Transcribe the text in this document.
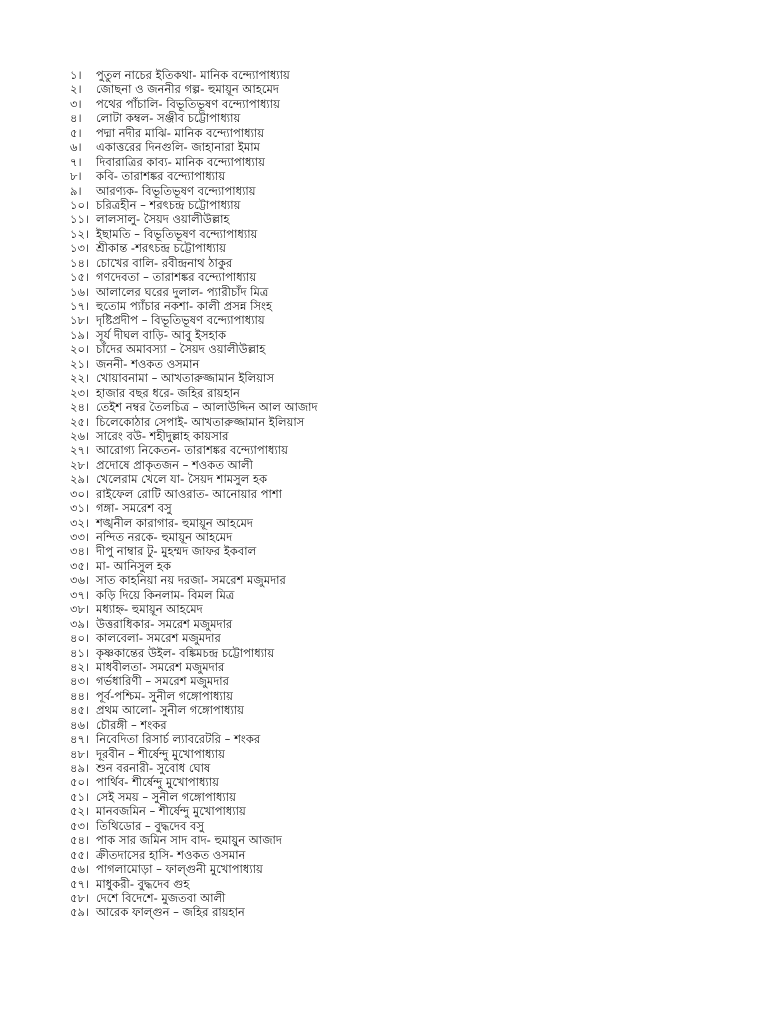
১।	পুতুল নাচের ইতিকথা- মানিক বন্দ্যোপাধ্যায়
২।	জোছনা ও জননীর গল্প- হুমায়ূন আহমেদ
৩।	পথের পাঁচালি- বিভূতিভূষণ বন্দ্যোপাধ্যায়
৪।	লোটা কম্বল- সঞ্জীব চট্টোপাধ্যায়
৫।	পদ্মা নদীর মাঝি- মানিক বন্দ্যোপাধ্যায়
৬।	একাত্তরের দিনগুলি- জাহানারা ইমাম
৭।	দিবারাত্রির কাব্য- মানিক বন্দ্যোপাধ্যায়
৮।	কবি- তারাশঙ্কর বন্দ্যোপাধ্যায়
৯।	আরণ্যক- বিভূতিভূষণ বন্দ্যোপাধ্যায়
১০। চরিত্রহীন – শরৎচন্দ্র চট্টোপাধ্যায়
১১। লালসালু- সৈয়দ ওয়ালীউল্লাহ
১২। ইছামতি – বিভূতিভূষণ বন্দ্যোপাধ্যায়
১৩। শ্রীকান্ত -শরৎচন্দ্র চট্টোপাধ্যায়
১৪। চোখের বালি- রবীন্দ্রনাথ ঠাকুর
১৫। গণদেবতা – তারাশঙ্কর বন্দ্যোপাধ্যায়
১৬। আলালের ঘরের দুলাল- প্যারীচাঁদ মিত্র
১৭। হুতোম প্যাঁচার নকশা- কালী প্রসন্ন সিংহ
১৮। দৃষ্টিপ্রদীপ – বিভূতিভূষণ বন্দ্যোপাধ্যায়
১৯। সূর্য দীঘল বাড়ি- আবু ইসহাক
২০। চাঁদের অমাবস্যা – সৈয়দ ওয়ালীউল্লাহ
২১। জননী- শওকত ওসমান
২২। খোয়াবনামা – আখতারুজ্জামান ইলিয়াস
২৩। হাজার বছর ধরে- জহির রায়হান
২৪। তেইশ নম্বর তৈলচিত্র – আলাউদ্দিন আল আজাদ
২৫। চিলেকোঠার সেপাই- আখতারুজ্জামান ইলিয়াস
২৬। সারেং বউ- শহীদুল্লাহ কায়সার
২৭। আরোগ্য নিকেতন- তারাশঙ্কর বন্দ্যোপাধ্যায়
২৮। প্রদোষে প্রাকৃতজন – শওকত আলী
২৯। খেলেরাম খেলে যা- সৈয়দ শামসুল হক
৩০। রাইফেল রোটি আওরাত- আনোয়ার পাশা
৩১। গঙ্গা- সমরেশ বসু
৩২। শঙ্খনীল কারাগার- হুমায়ূন আহমেদ
৩৩। নন্দিত নরকে- হুমায়ূন আহমেদ
৩৪। দীপু নাম্বার টু- মুহম্মদ জাফর ইকবাল
৩৫। মা- আনিসুল হক
৩৬। সাত কাহনিয়া নয় দরজা- সমরেশ মজুমদার
৩৭। কড়ি দিয়ে কিনলাম- বিমল মিত্র
৩৮। মধ্যাহ্ন- হুমায়ূন আহমেদ
৩৯। উত্তরাধিকার- সমরেশ মজুমদার
৪০। কালবেলা- সমরেশ মজুমদার
৪১। কৃষ্ণকান্তের উইল- বঙ্কিমচন্দ্র চট্টোপাধ্যায়
৪২। মাধবীলতা- সমরেশ মজুমদার
৪৩। গর্ভধারিণী – সমরেশ মজুমদার
৪৪। পূর্ব-পশ্চিম- সুনীল গঙ্গোপাধ্যায়
৪৫। প্রথম আলো- সুনীল গঙ্গোপাধ্যায়
৪৬। চৌরঙ্গী – শংকর
৪৭। নিবেদিতা রিসার্চ ল্যাবরেটরি – শংকর
৪৮। দূরবীন – শীর্ষেন্দু মুখোপাধ্যায়
৪৯। শুন বরনারী- সুবোধ ঘোষ
৫০। পার্থিব- শীর্ষেন্দু মুখোপাধ্যায়
৫১। সেই সময় – সুনীল গঙ্গোপাধ্যায়
৫২। মানবজমিন – শীর্ষেন্দু মুখোপাধ্যায়
৫৩। তিথিডোর – বুদ্ধদেব বসু
৫৪। পাক সার জমিন সাদ বাদ- হুমায়ুন আজাদ
৫৫। ক্রীতদাসের হাসি- শওকত ওসমান
৫৬। পাগলামোড়া – ফাল্গুনী মুখোপাধ্যায়
৫৭। মাধুকরী- বুদ্ধদেব গুহ
৫৮। দেশে বিদেশে- মুজতবা আলী
৫৯। আরেক ফাল্গুন – জহির রায়হান
